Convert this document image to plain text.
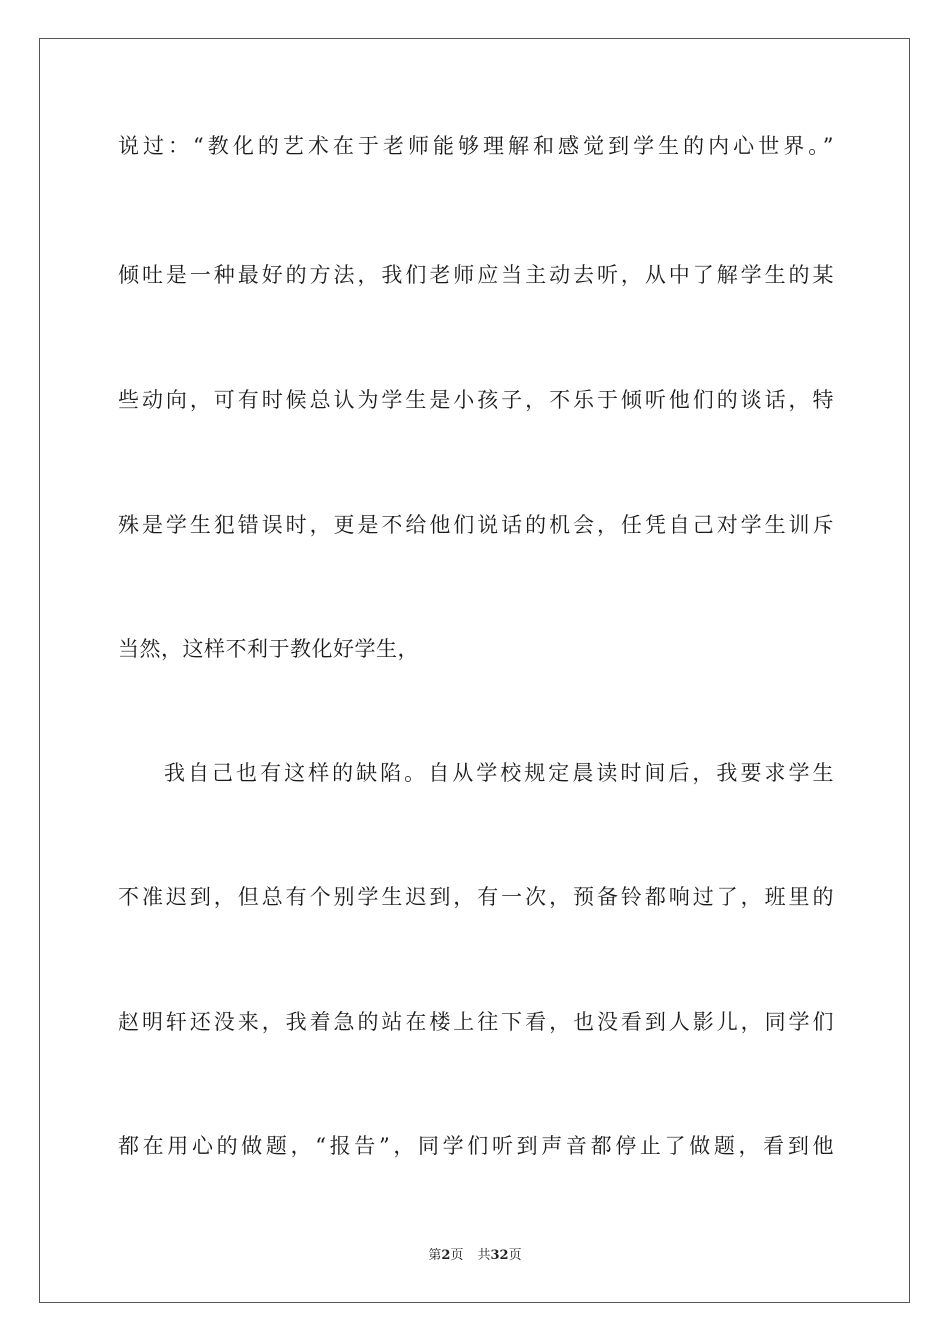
说过：“教化的艺术在于老师能够理解和感觉到学生的内心世界。”

倾吐是一种最好的方法，我们老师应当主动去听，从中了解学生的某

些动向，可有时候总认为学生是小孩子，不乐于倾听他们的谈话，特

殊是学生犯错误时，更是不给他们说话的机会，任凭自己对学生训斥

当然，这样不利于教化好学生，

我自己也有这样的缺陷。自从学校规定晨读时间后，我要求学生

不准迟到，但总有个别学生迟到，有一次，预备铃都响过了，班里的

赵明轩还没来，我着急的站在楼上往下看，也没看到人影儿，同学们

都在用心的做题，“报告”，同学们听到声音都停止了做题，看到他

第2页 共32页
